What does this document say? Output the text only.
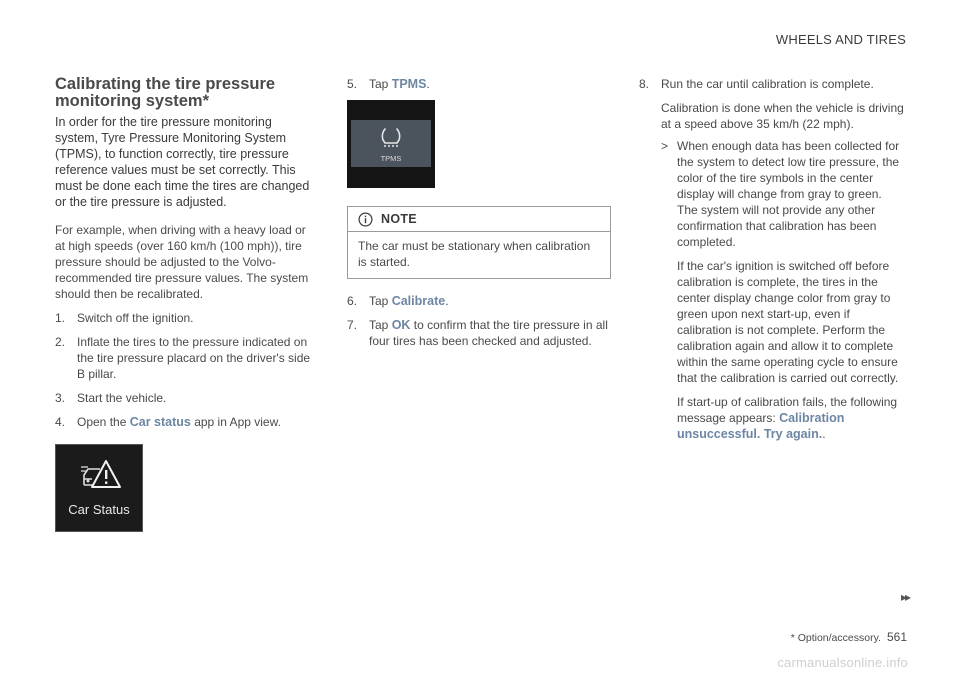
WHEELS AND TIRES
Calibrating the tire pressure monitoring system*

In order for the tire pressure monitoring system, Tyre Pressure Monitoring System (TPMS), to function correctly, tire pressure reference values must be set correctly. This must be done each time the tires are changed or the tire pressure is adjusted.

For example, when driving with a heavy load or at high speeds (over 160 km/h (100 mph)), tire pressure should be adjusted to the Volvo-recommended tire pressure values. The system should then be recalibrated.

1. Switch off the ignition.
2. Inflate the tires to the pressure indicated on the tire pressure placard on the driver's side B pillar.
3. Start the vehicle.
4. Open the Car status app in App view.
Car Status
5. Tap TPMS.
TPMS
NOTE
The car must be stationary when calibration is started.
6. Tap Calibrate.
7. Tap OK to confirm that the tire pressure in all four tires has been checked and adjusted.
8. Run the car until calibration is complete.
Calibration is done when the vehicle is driving at a speed above 35 km/h (22 mph).
> When enough data has been collected for the system to detect low tire pressure, the color of the tire symbols in the center display will change from gray to green. The system will not provide any other confirmation that calibration has been completed.
If the car's ignition is switched off before calibration is complete, the tires in the center display change color from gray to green upon next start-up, even if calibration is not complete. Perform the calibration again and allow it to complete within the same operating cycle to ensure that the calibration is carried out correctly.
If start-up of calibration fails, the following message appears: Calibration unsuccessful. Try again..
▸▸
* Option/accessory. 561
carmanualsonline.info
